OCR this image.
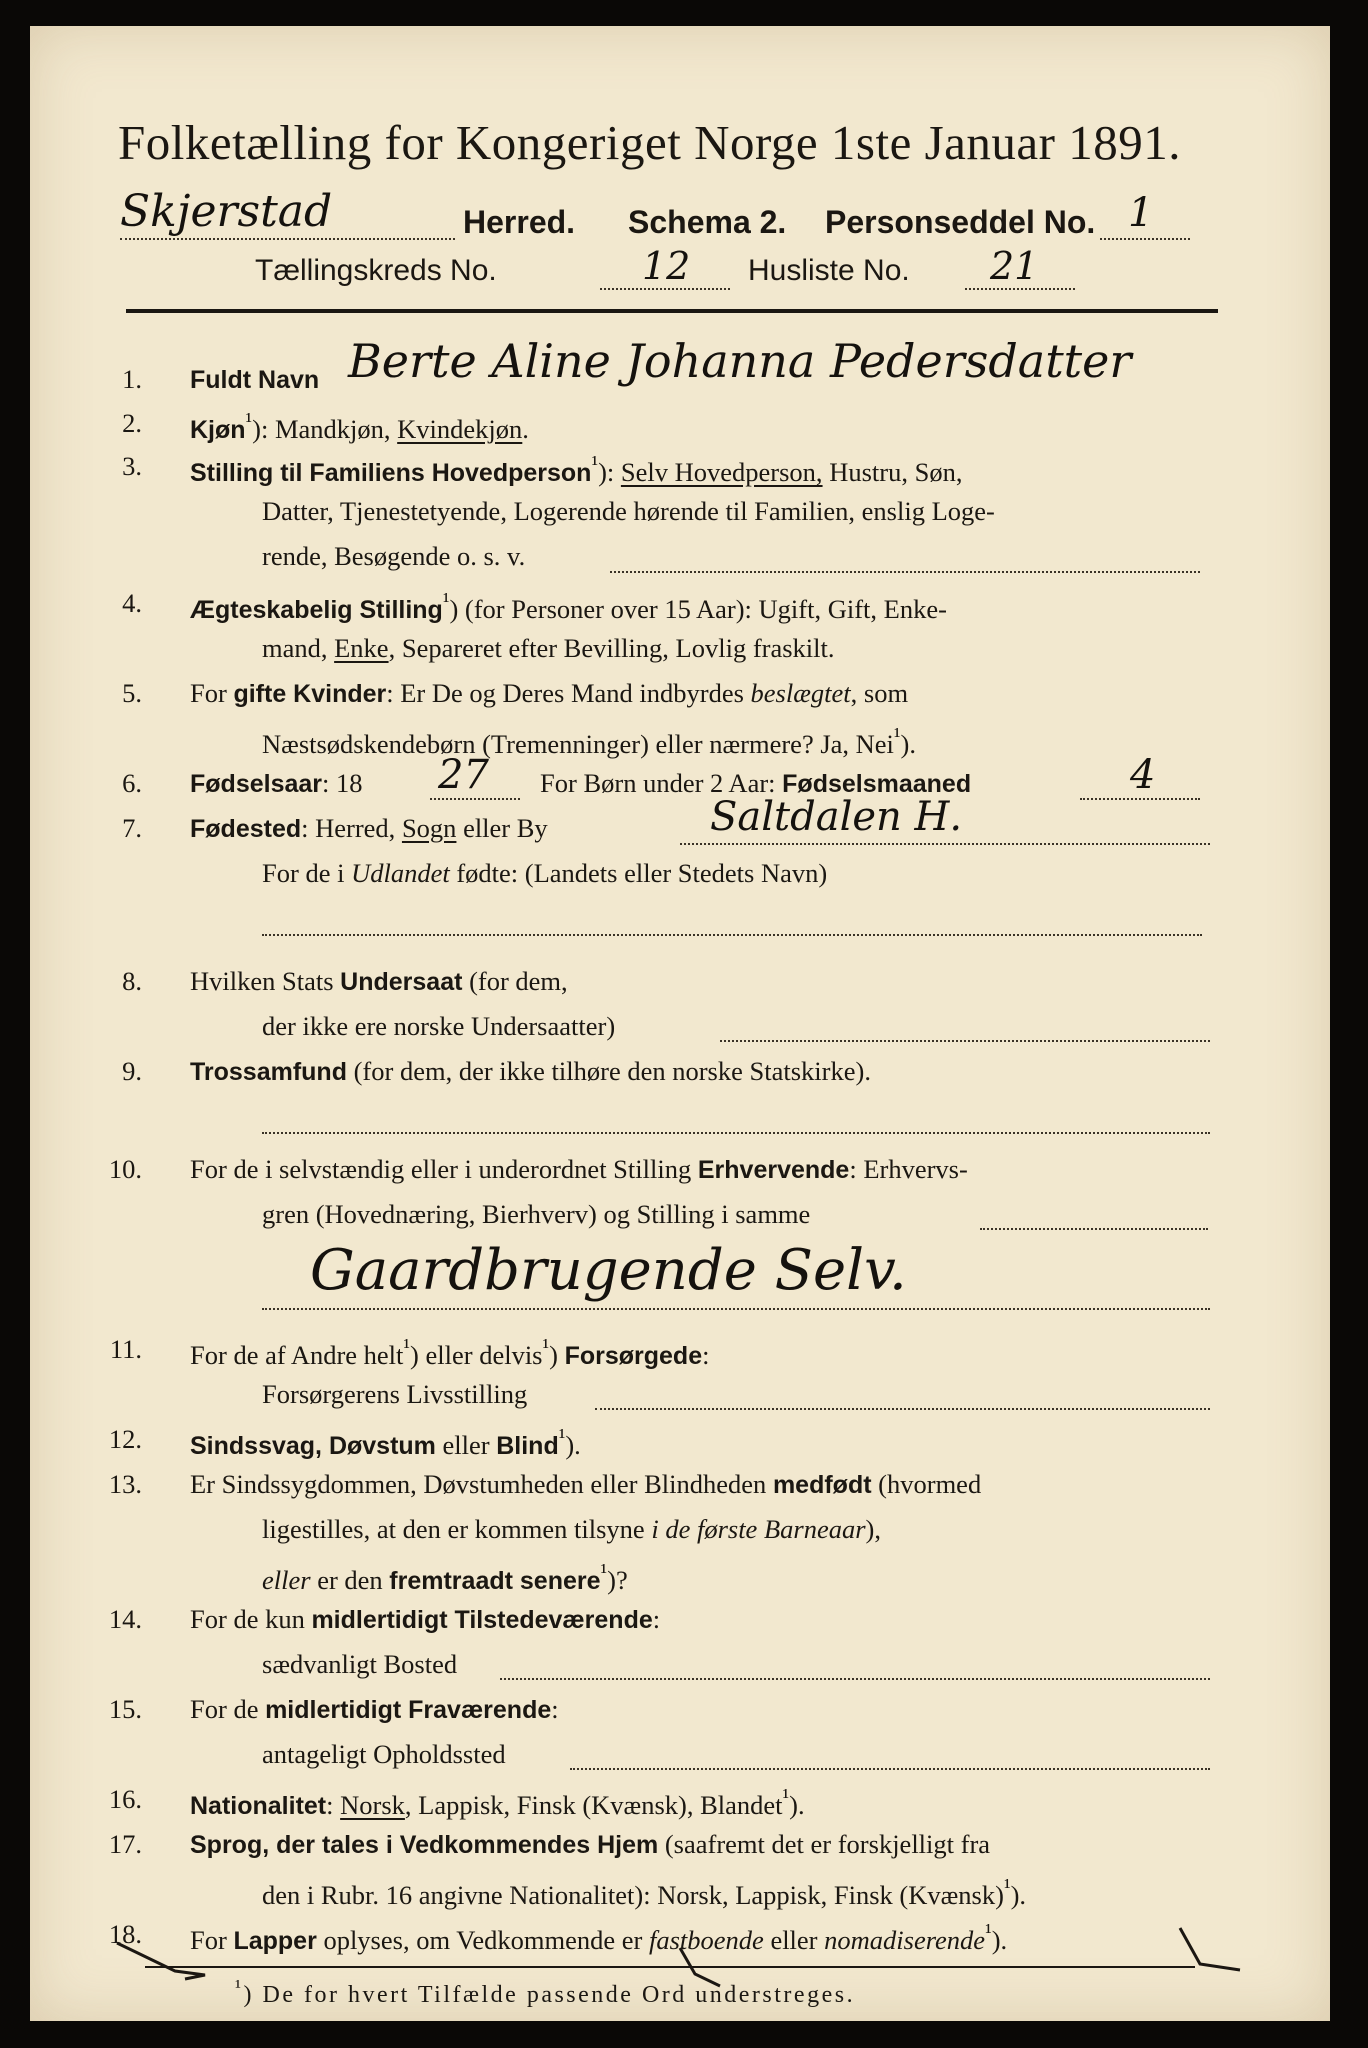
Folketælling for Kongeriget Norge 1ste Januar 1891.
Skjerstad	Herred. Schema 2. Personseddel No. 1
Tællingskreds No.	12 Husliste No. 21
1. Fuldt Navn Berte Aline Johanna Pedersdatter
2. Kjøn$^{^1}$): Mandkjøn, Kvindekjøn.
3. Stilling til Familiens Hovedperson$^{^1}$): Selv Hovedperson, Hustru, Søn,
Datter, Tjenestetyende, Logerende hørende til Familien, enslig Loge-
rende, Besøgende o. s. v.
4. Ægteskabelig Stilling$^{^1}$) (for Personer over 15 Aar): Ugift, Gift, Enke-
mand, Enke, Separeret efter Bevilling, Lovlig fraskilt.
5. For gifte Kvinder: Er De og Deres Mand indbyrdes beslægtet, som
Næstsødskendebørn (Tremenninger) eller nærmere? Ja, Nei$^{^1}$).
6. Fødselsaar: 18 27 For Børn under 2 Aar: Fødselsmaaned	4
7. Fødested: Herred, Sogn eller By	Saltdalen H.
For de i Udlandet fødte: (Landets eller Stedets Navn)
8. Hvilken Stats Undersaat (for dem,
der ikke ere norske Undersaatter)
9. Trossamfund (for dem, der ikke tilhøre den norske Statskirke).
10. For de i selvstændig eller i underordnet Stilling Erhvervende: Erhvervs-
gren (Hovednæring, Bierhverv) og Stilling i samme
Gaardbrugende Selv.
11. For de af Andre helt$^{^1}$) eller delvis$^{^1}$) Forsørgede:
Forsørgerens Livsstilling
12. Sindssvag, Døvstum eller Blind$^{^1}$).
13. Er Sindssygdommen, Døvstumheden eller Blindheden medfødt (hvormed
ligestilles, at den er kommen tilsyne i de første Barneaar),
eller er den fremtraadt senere$^{^1}$)?
14. For de kun midlertidigt Tilstedeværende:
sædvanligt Bosted
15. For de midlertidigt Fraværende:
antageligt Opholdssted
16. Nationalitet: Norsk, Lappisk, Finsk (Kvænsk), Blandet$^{^1}$).
17. Sprog, der tales i Vedkommendes Hjem (saafremt det er forskjelligt fra
den i Rubr. 16 angivne Nationalitet): Norsk, Lappisk, Finsk (Kvænsk)$^{^1}$).
18. For Lapper oplyses, om Vedkommende er fastboende eller nomadiserende$^{^1}$).
$^{^1}$) De for hvert Tilfælde passende Ord understreges.
